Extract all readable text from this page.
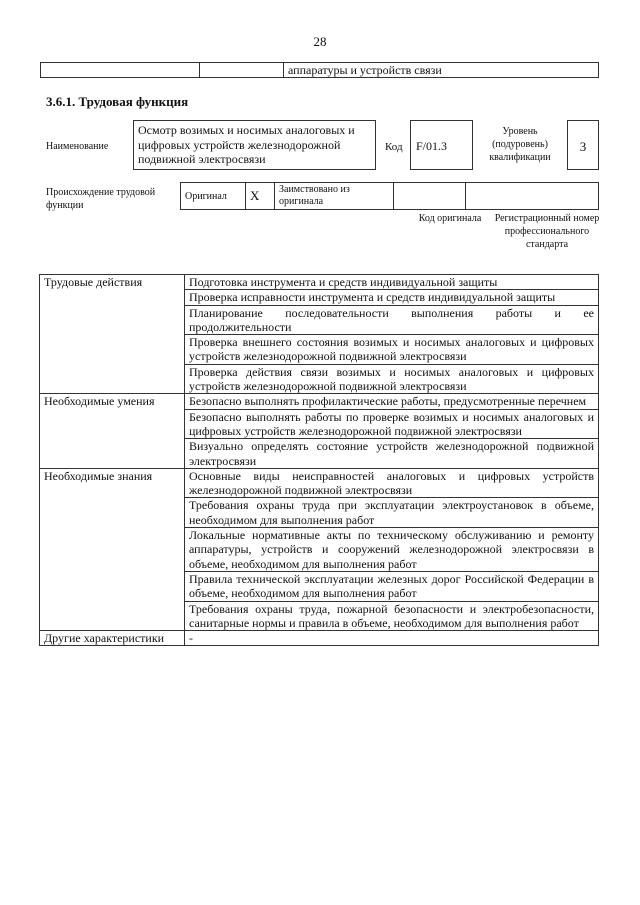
28
		аппаратуры и устройств связи
3.6.1. Трудовая функция
Наименование
Осмотр возимых и носимых аналоговых и цифровых устройств железнодорожной подвижной электросвязи
Код	F/01.3
Уровень (подуровень) квалификации
3
Происхождение трудовой функции
Оригинал	X	Заимствовано из оригинала		
Код оригинала	Регистрационный номер профессионального стандарта
Трудовые действия	Подготовка инструмента и средств индивидуальной защиты
	Проверка исправности инструмента и средств индивидуальной защиты
	Планирование последовательности выполнения работы и ее продолжительности
	Проверка внешнего состояния возимых и носимых аналоговых и цифровых устройств железнодорожной подвижной электросвязи
	Проверка действия связи возимых и носимых аналоговых и цифровых устройств железнодорожной подвижной электросвязи
Необходимые умения	Безопасно выполнять профилактические работы, предусмотренные перечнем
	Безопасно выполнять работы по проверке возимых и носимых аналоговых и цифровых устройств железнодорожной подвижной электросвязи
	Визуально определять состояние устройств железнодорожной подвижной электросвязи
Необходимые знания	Основные виды неисправностей аналоговых и цифровых устройств железнодорожной подвижной электросвязи
	Требования охраны труда при эксплуатации электроустановок в объеме, необходимом для выполнения работ
	Локальные нормативные акты по техническому обслуживанию и ремонту аппаратуры, устройств и сооружений железнодорожной электросвязи в объеме, необходимом для выполнения работ
	Правила технической эксплуатации железных дорог Российской Федерации в объеме, необходимом для выполнения работ
	Требования охраны труда, пожарной безопасности и электробезопасности, санитарные нормы и правила в объеме, необходимом для выполнения работ
Другие характеристики	-
